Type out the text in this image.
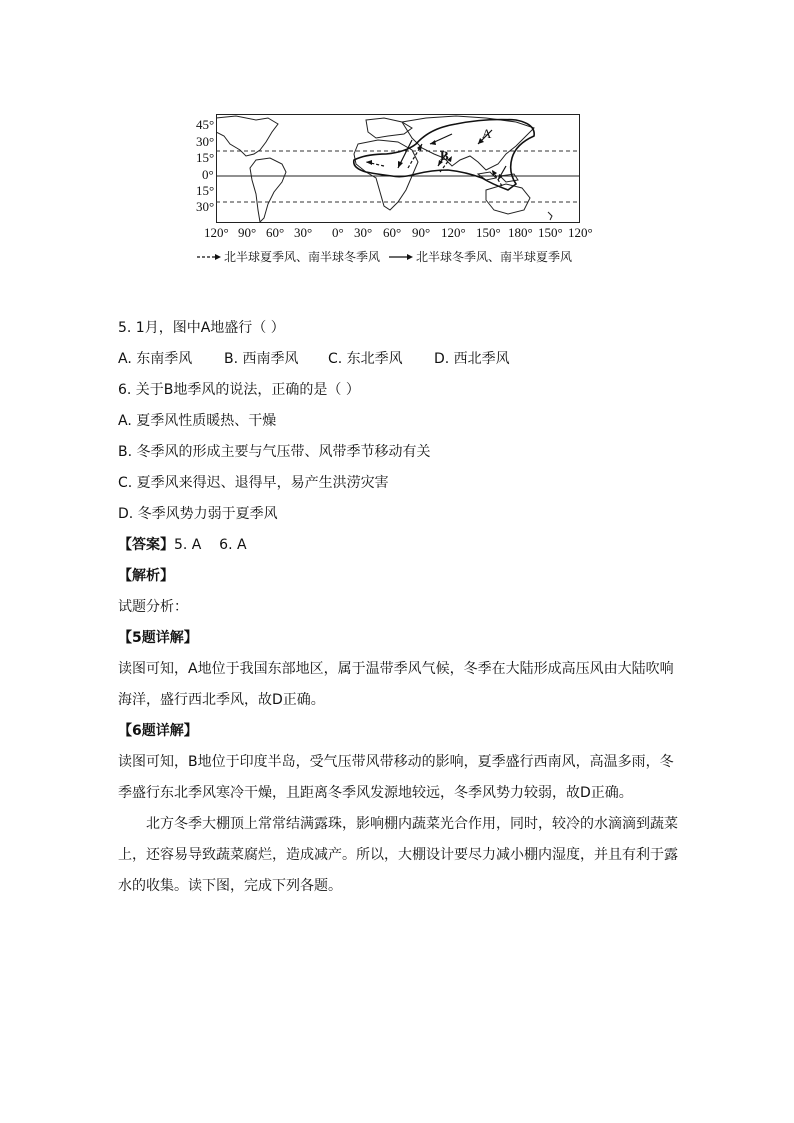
45°
30°
15°
0°
15°
30°
A
B
120° 90° 60° 30° 0° 30° 60° 90° 120° 150° 180° 150° 120°
北半球夏季风、南半球冬季风	北半球冬季风、南半球夏季风
5. 1月，图中A地盛行（ ）
A. 东南季风	B. 西南季风	C. 东北季风	D. 西北季风
6. 关于B地季风的说法，正确的是（ ）
A. 夏季风性质暖热、干燥
B. 冬季风的形成主要与气压带、风带季节移动有关
C. 夏季风来得迟、退得早，易产生洪涝灾害
D. 冬季风势力弱于夏季风
【答案】5. A    6. A
【解析】
试题分析：
【5题详解】
读图可知，A地位于我国东部地区，属于温带季风气候，冬季在大陆形成高压风由大陆吹响
海洋，盛行西北季风，故D正确。
【6题详解】
读图可知，B地位于印度半岛，受气压带风带移动的影响，夏季盛行西南风，高温多雨，冬
季盛行东北季风寒冷干燥，且距离冬季风发源地较远，冬季风势力较弱，故D正确。
北方冬季大棚顶上常常结满露珠，影响棚内蔬菜光合作用，同时，较冷的水滴滴到蔬菜
上，还容易导致蔬菜腐烂，造成减产。所以，大棚设计要尽力减小棚内湿度，并且有利于露
水的收集。读下图，完成下列各题。
